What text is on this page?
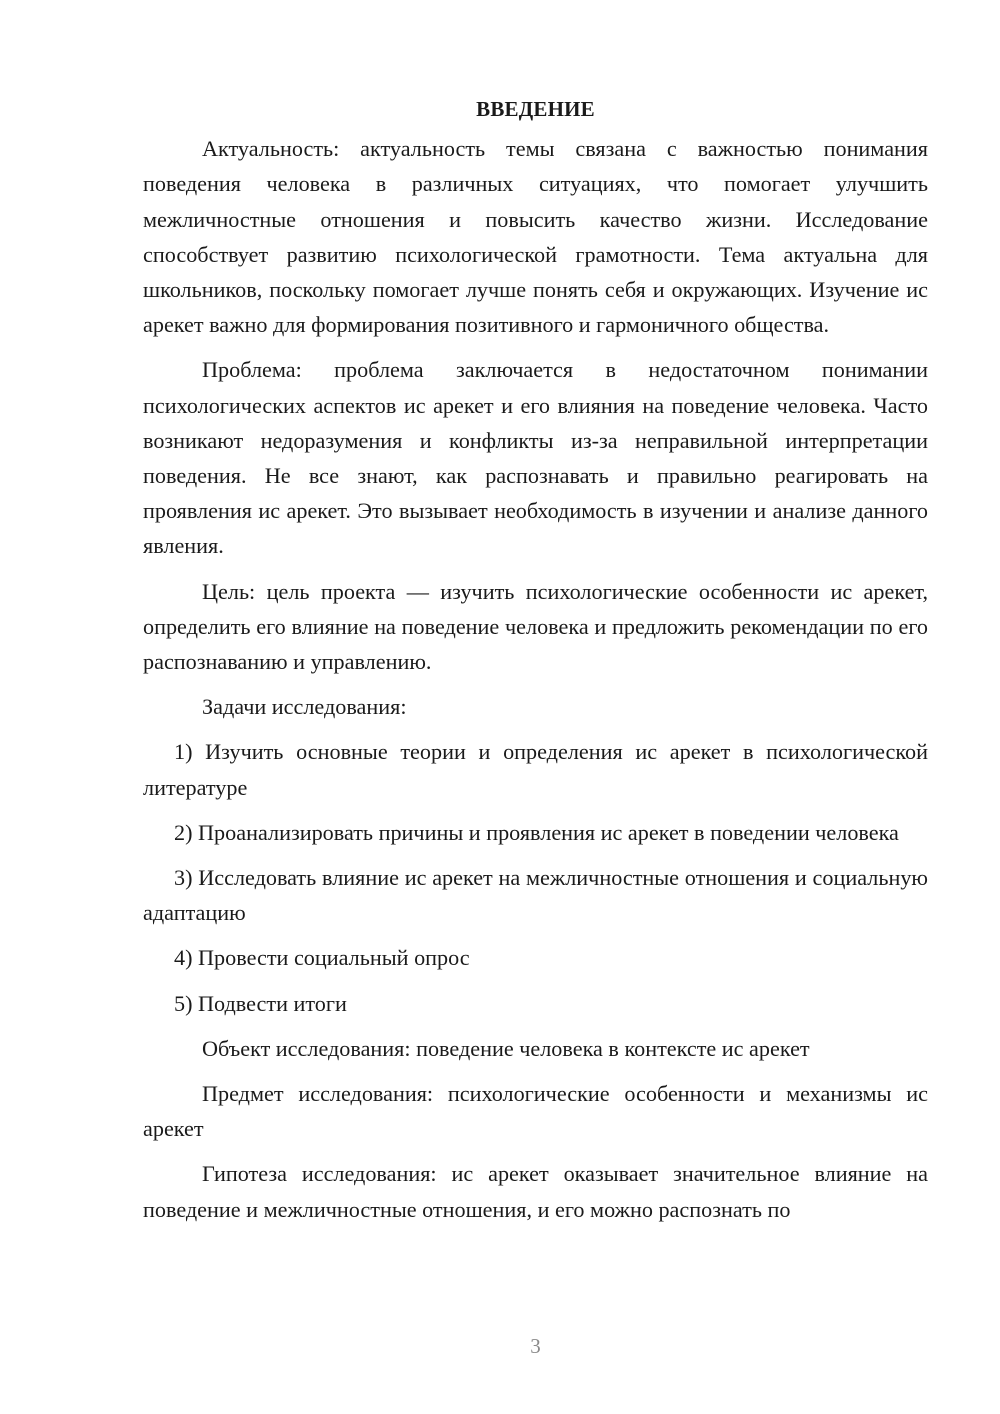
ВВЕДЕНИЕ

Актуальность: актуальность темы связана с важностью понимания поведения человека в различных ситуациях, что помогает улучшить межличностные отношения и повысить качество жизни. Исследование способствует развитию психологической грамотности. Тема актуальна для школьников, поскольку помогает лучше понять себя и окружающих. Изучение ис арекет важно для формирования позитивного и гармоничного общества.

Проблема: проблема заключается в недостаточном понимании психологических аспектов ис арекет и его влияния на поведение человека. Часто возникают недоразумения и конфликты из-за неправильной интерпретации поведения. Не все знают, как распознавать и правильно реагировать на проявления ис арекет. Это вызывает необходимость в изучении и анализе данного явления.

Цель: цель проекта — изучить психологические особенности ис арекет, определить его влияние на поведение человека и предложить рекомендации по его распознаванию и управлению.

Задачи исследования:

1) Изучить основные теории и определения ис арекет в психологической литературе

2) Проанализировать причины и проявления ис арекет в поведении человека

3) Исследовать влияние ис арекет на межличностные отношения и социальную адаптацию

4) Провести социальный опрос

5) Подвести итоги

Объект исследования: поведение человека в контексте ис арекет

Предмет исследования: психологические особенности и механизмы ис арекет

Гипотеза исследования: ис арекет оказывает значительное влияние на поведение и межличностные отношения, и его можно распознать по

3
